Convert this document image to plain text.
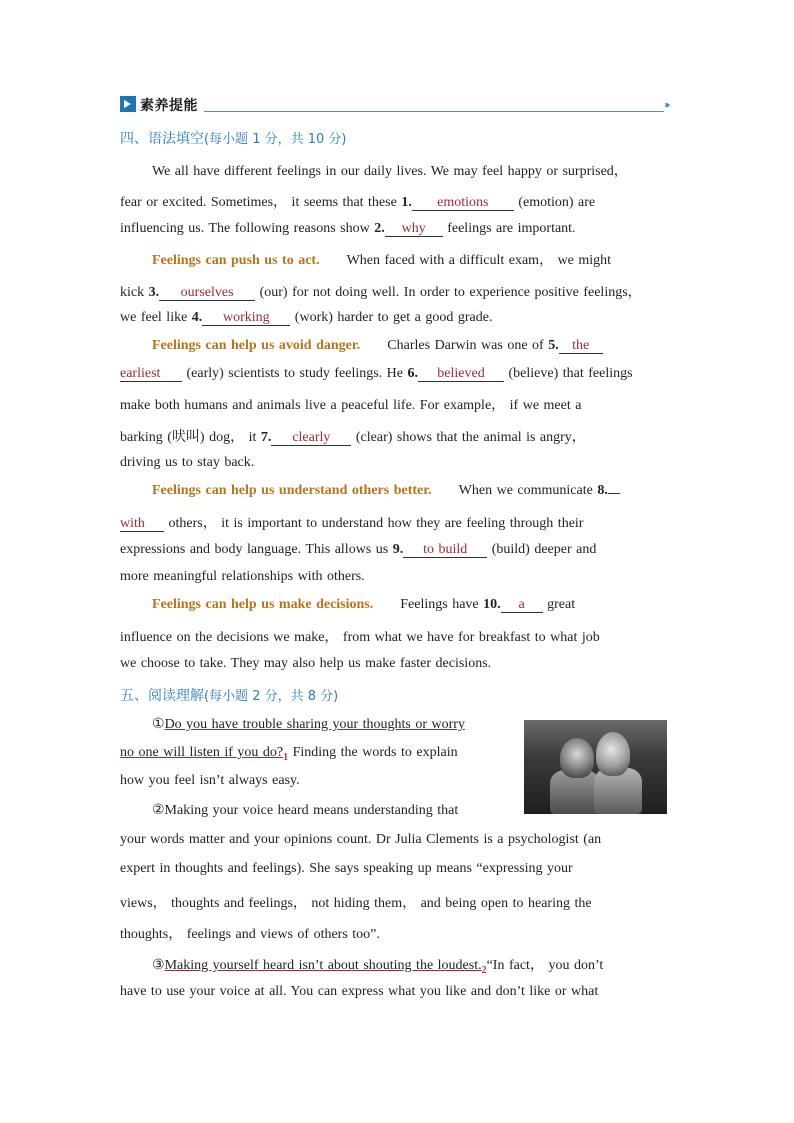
素养提能	›››
四、语法填空(每小题 1 分，共 10 分)
We all have different feelings in our daily lives. We may feel happy or surprised，
fear or excited. Sometimes， it seems that these 1. emotions (emotion) are
influencing us. The following reasons show 2. why feelings are important.
Feelings can push us to act. When faced with a difficult exam， we might
kick 3. ourselves (our) for not doing well. In order to experience positive feelings，
we feel like 4. working (work) harder to get a good grade.
Feelings can help us avoid danger. Charles Darwin was one of 5. the
earliest (early) scientists to study feelings. He 6. believed (believe) that feelings
make both humans and animals live a peaceful life. For example， if we meet a
barking (吠叫) dog， it 7. clearly (clear) shows that the animal is angry，
driving us to stay back.
Feelings can help us understand others better. When we communicate 8.
with others， it is important to understand how they are feeling through their
expressions and body language. This allows us 9. to build (build) deeper and
more meaningful relationships with others.
Feelings can help us make decisions. Feelings have 10. a great
influence on the decisions we make， from what we have for breakfast to what job
we choose to take. They may also help us make faster decisions.
五、阅读理解(每小题 2 分，共 8 分)
①Do you have trouble sharing your thoughts or worry
no one will listen if you $do?_1$ Finding the words to explain
how you feel isn’t always easy.
②Making your voice heard means understanding that
your words matter and your opinions count. Dr Julia Clements is a psychologist (an
expert in thoughts and feelings). She says speaking up means “expressing your
views， thoughts and feelings， not hiding them， and being open to hearing the
thoughts， feelings and views of others too”.
③Making yourself heard isn’t about shouting the $loudest._2“In$ fact， you don’t
have to use your voice at all. You can express what you like and don’t like or what
